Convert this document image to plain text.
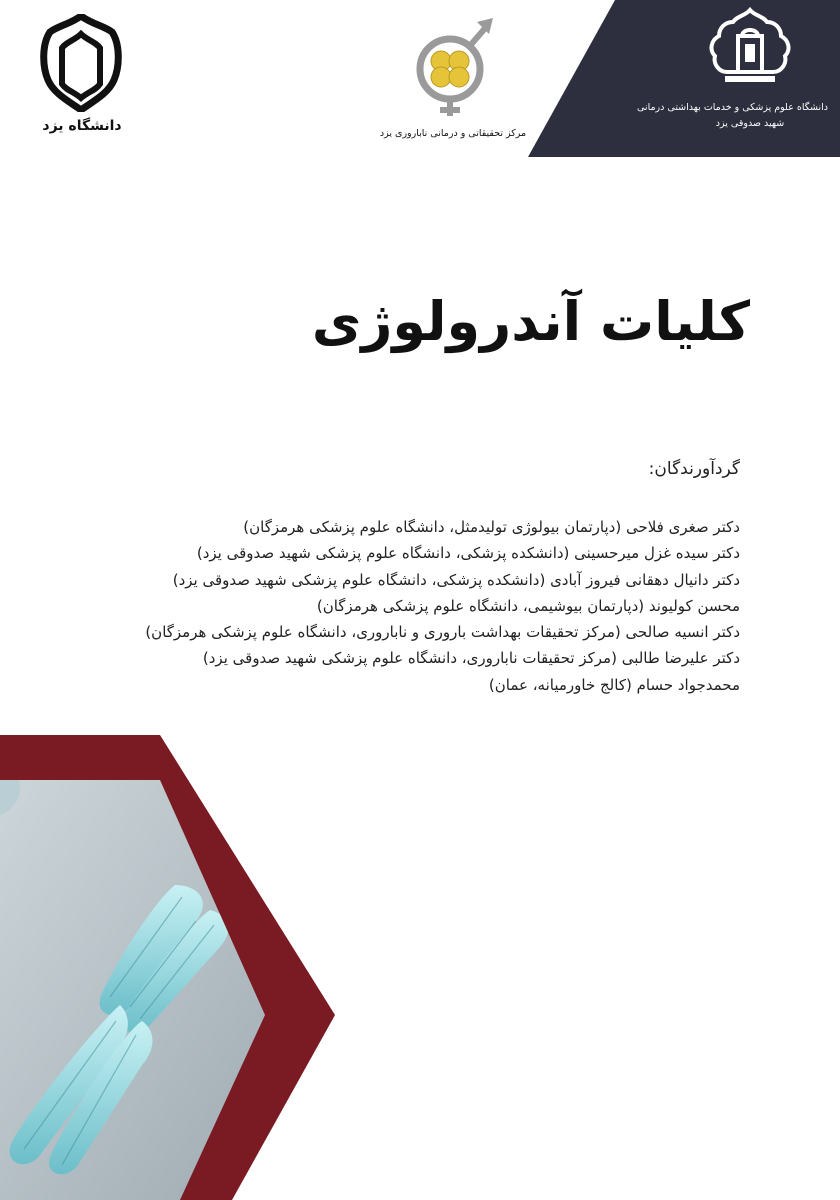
دانشگاه یزد	مرکز تحقیقاتی و درمانی ناباروری یزد
دانشگاه علوم پزشکی و خدمات بهداشتی درمانی
شهید صدوقی یزد
کلیات آندرولوژی
گردآورندگان:
دکتر صغری فلاحی (دپارتمان بیولوژی تولیدمثل، دانشگاه علوم پزشکی هرمزگان)
دکتر سیده غزل میرحسینی (دانشکده پزشکی، دانشگاه علوم پزشکی شهید صدوقی یزد)
دکتر دانیال دهقانی فیروز آبادی (دانشکده پزشکی، دانشگاه علوم پزشکی شهید صدوقی یزد)
محسن کولیوند (دپارتمان بیوشیمی، دانشگاه علوم پزشکی هرمزگان)
دکتر انسیه صالحی (مرکز تحقیقات بهداشت باروری و ناباروری، دانشگاه علوم پزشکی هرمزگان)
دکتر علیرضا طالبی (مرکز تحقیقات ناباروری، دانشگاه علوم پزشکی شهید صدوقی یزد)
محمدجواد حسام (کالج خاورمیانه، عمان)
